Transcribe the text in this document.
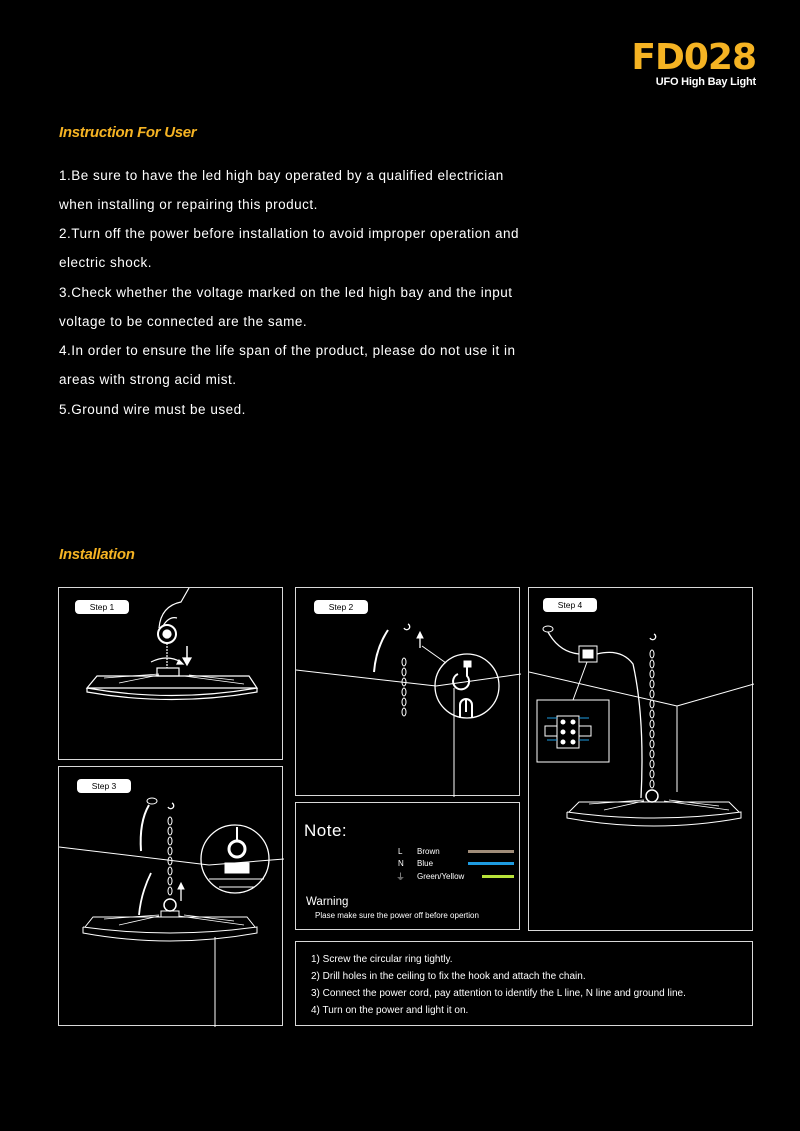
FD028
UFO High Bay Light
Instruction For User
1.Be sure to have the led high bay operated by a qualified electrician
when installing or repairing this product.
2.Turn off the power before installation to avoid improper operation and
electric shock.
3.Check whether the voltage marked on the led high bay and the input
voltage to be connected are the same.
4.In order to ensure the life span of the product, please do not use it in
areas with strong acid mist.
5.Ground wire must be used.
Installation
Step 1	Step 2	Step 4
Step 3
Note:
L Brown
N Blue
⏚ Green/Yellow
Warning
Plase make sure the power off before opertion
1) Screw the circular ring tightly.
2) Drill holes in the ceiling to fix the hook and attach the chain.
3) Connect the power cord, pay attention to identify the L line, N line and ground line.
4) Turn on the power and light it on.
